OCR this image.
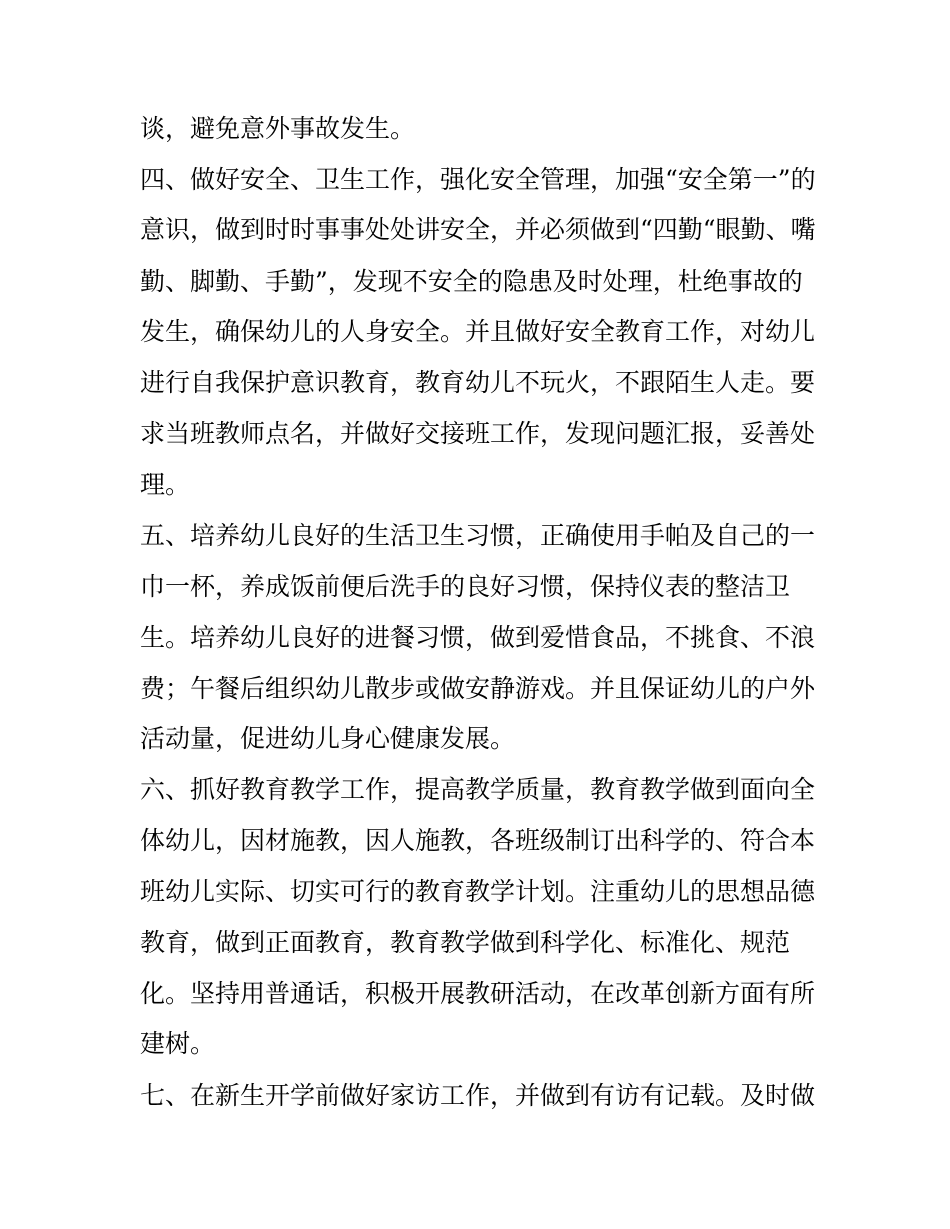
谈，避免意外事故发生。
四、做好安全、卫生工作，强化安全管理，加强“安全第一”的
意识，做到时时事事处处讲安全，并必须做到“四勤“眼勤、嘴
勤、脚勤、手勤”，发现不安全的隐患及时处理，杜绝事故的
发生，确保幼儿的人身安全。并且做好安全教育工作，对幼儿
进行自我保护意识教育，教育幼儿不玩火，不跟陌生人走。要
求当班教师点名，并做好交接班工作，发现问题汇报，妥善处
理。
五、培养幼儿良好的生活卫生习惯，正确使用手帕及自己的一
巾一杯，养成饭前便后洗手的良好习惯，保持仪表的整洁卫
生。培养幼儿良好的进餐习惯，做到爱惜食品，不挑食、不浪
费；午餐后组织幼儿散步或做安静游戏。并且保证幼儿的户外
活动量，促进幼儿身心健康发展。
六、抓好教育教学工作，提高教学质量，教育教学做到面向全
体幼儿，因材施教，因人施教，各班级制订出科学的、符合本
班幼儿实际、切实可行的教育教学计划。注重幼儿的思想品德
教育，做到正面教育，教育教学做到科学化、标准化、规范
化。坚持用普通话，积极开展教研活动，在改革创新方面有所
建树。
七、在新生开学前做好家访工作，并做到有访有记载。及时做
